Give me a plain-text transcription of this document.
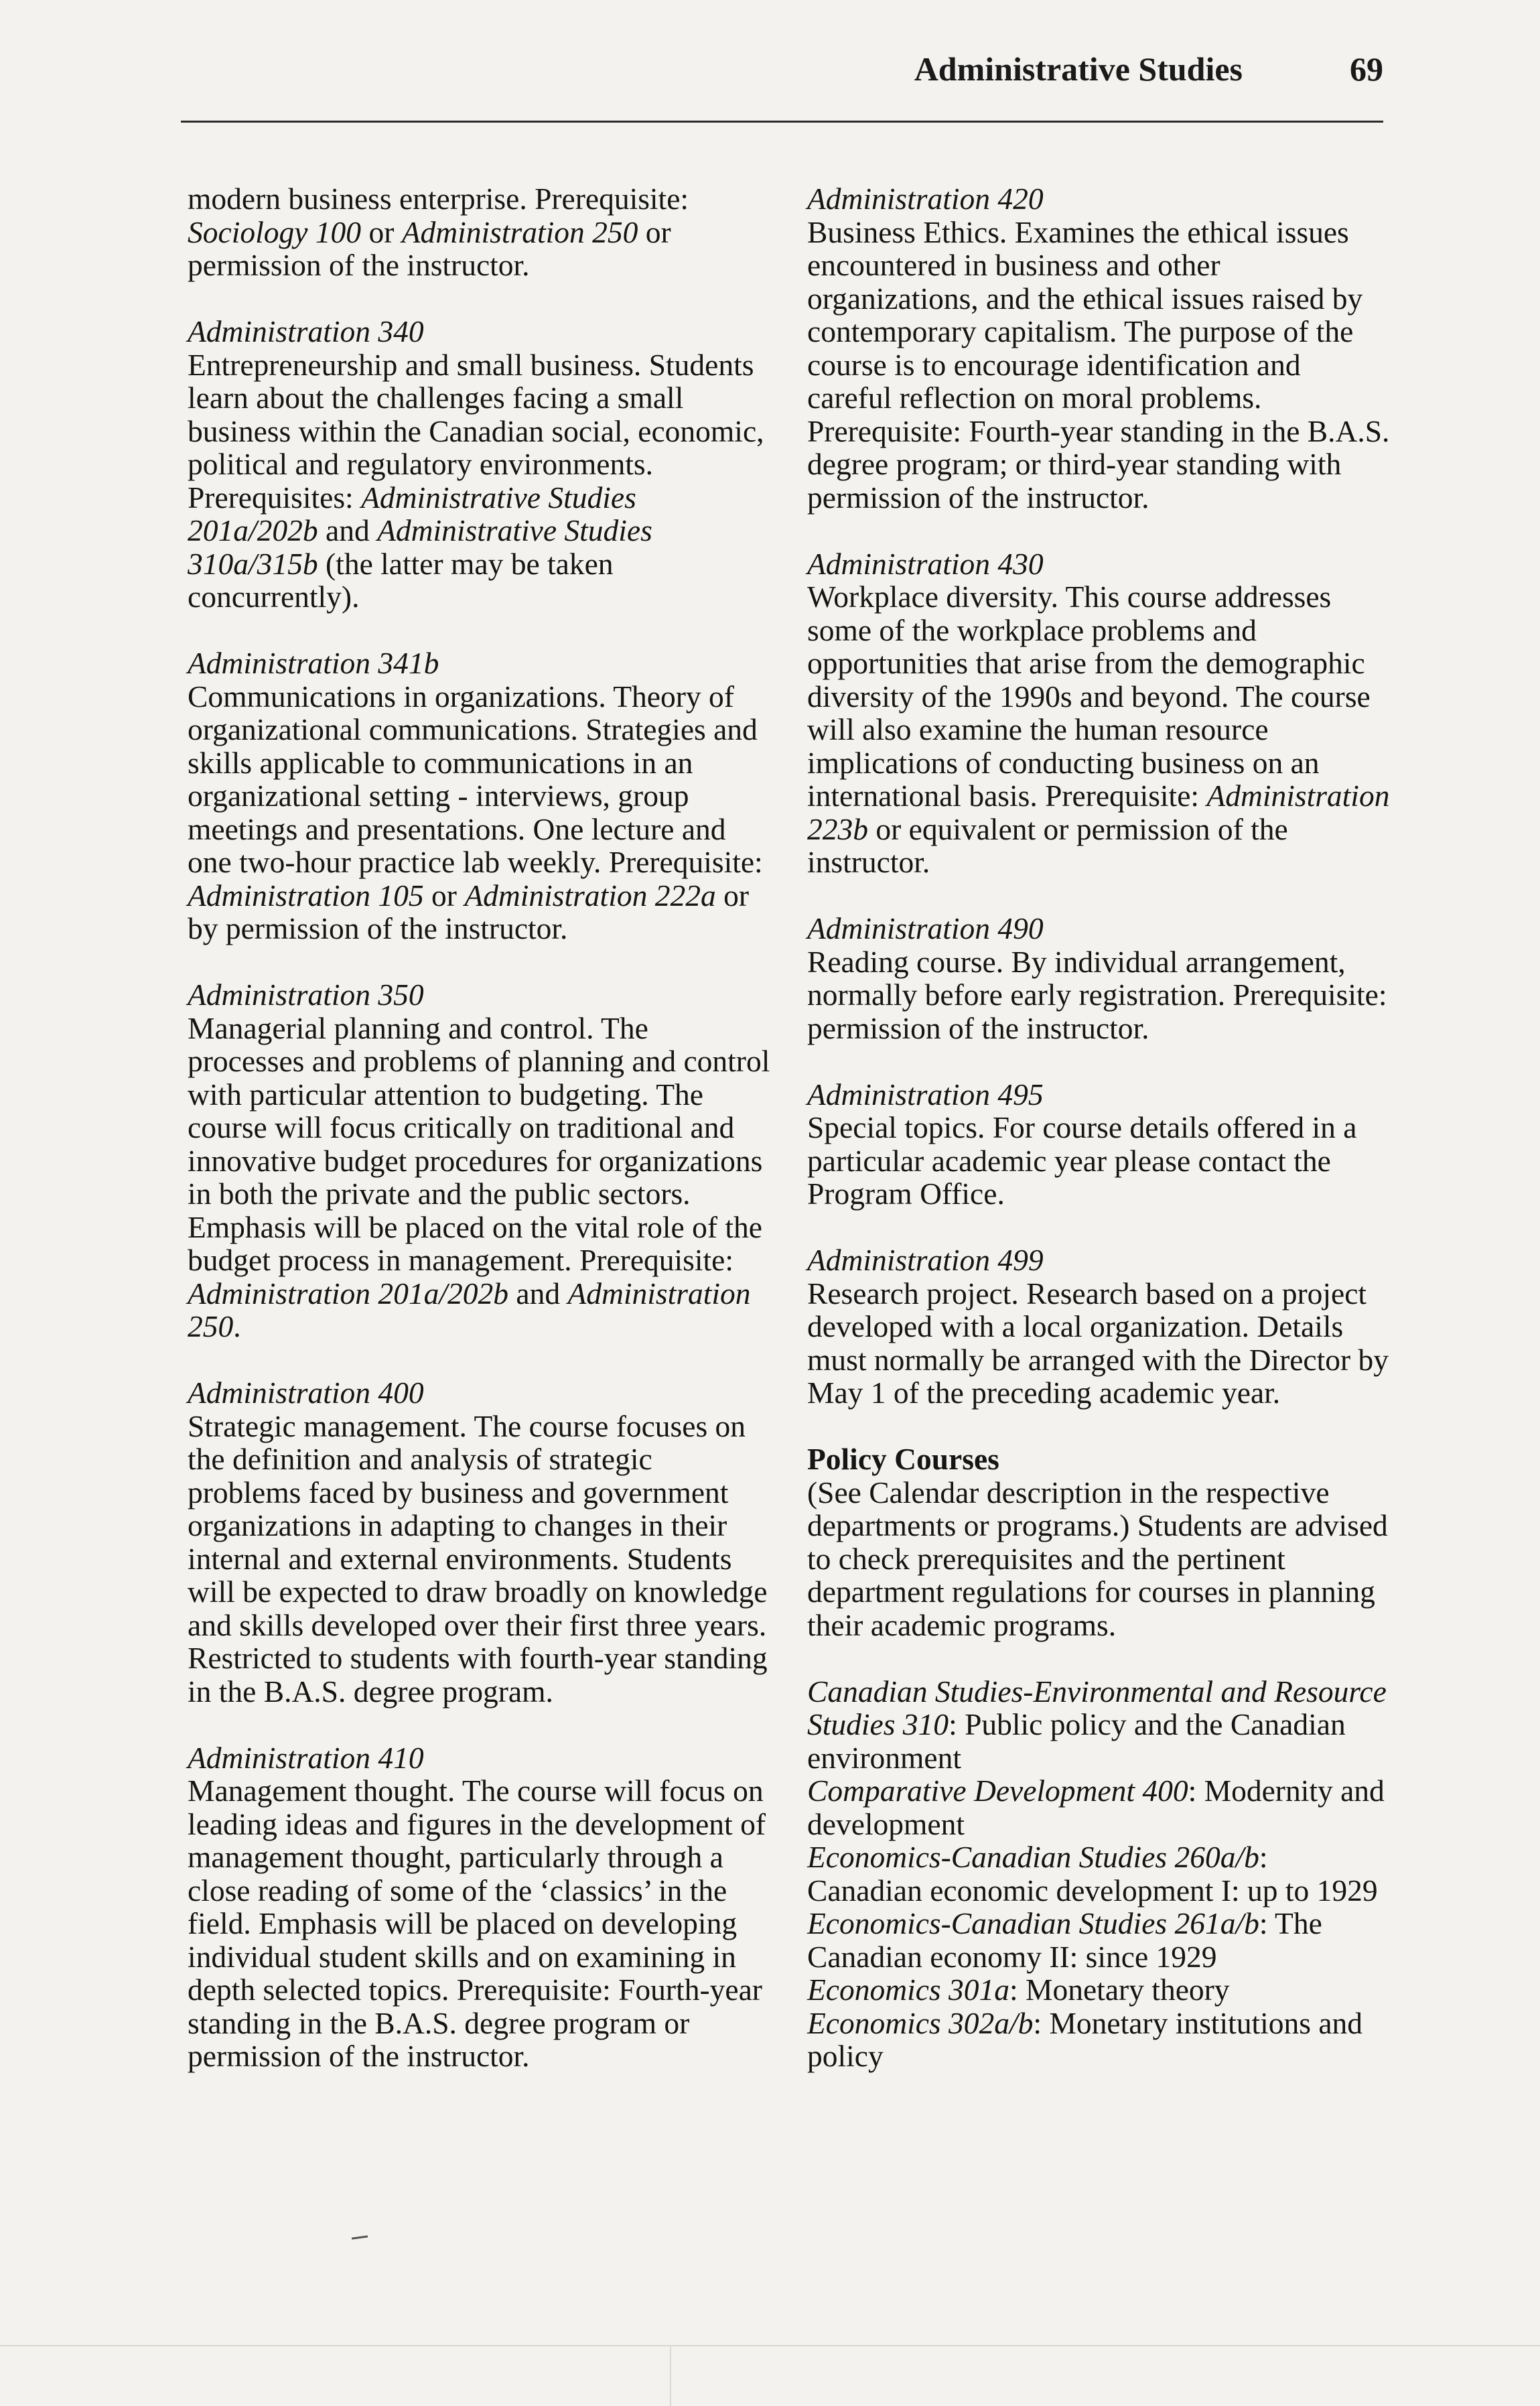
Administrative Studies	69

modern business enterprise. Prerequisite: Sociology 100 or Administration 250 or permission of the instructor.

Administration 340
Entrepreneurship and small business. Students learn about the challenges facing a small business within the Canadian social, economic, political and regulatory environments. Prerequisites: Administrative Studies 201a/202b and Administrative Studies 310a/315b (the latter may be taken concurrently).

Administration 341b
Communications in organizations. Theory of organizational communications. Strategies and skills applicable to communications in an organizational setting - interviews, group meetings and presentations. One lecture and one two-hour practice lab weekly. Prerequisite: Administration 105 or Administration 222a or by permission of the instructor.

Administration 350
Managerial planning and control. The processes and problems of planning and control with particular attention to budgeting. The course will focus critically on traditional and innovative budget procedures for organizations in both the private and the public sectors. Emphasis will be placed on the vital role of the budget process in management. Prerequisite: Administration 201a/202b and Administration 250.

Administration 400
Strategic management. The course focuses on the definition and analysis of strategic problems faced by business and government organizations in adapting to changes in their internal and external environments. Students will be expected to draw broadly on knowledge and skills developed over their first three years. Restricted to students with fourth-year standing in the B.A.S. degree program.

Administration 410
Management thought. The course will focus on leading ideas and figures in the development of management thought, particularly through a close reading of some of the ‘classics’ in the field. Emphasis will be placed on developing individual student skills and on examining in depth selected topics. Prerequisite: Fourth-year standing in the B.A.S. degree program or permission of the instructor.

Administration 420
Business Ethics. Examines the ethical issues encountered in business and other organizations, and the ethical issues raised by contemporary capitalism. The purpose of the course is to encourage identification and careful reflection on moral problems. Prerequisite: Fourth-year standing in the B.A.S. degree program; or third-year standing with permission of the instructor.

Administration 430
Workplace diversity. This course addresses some of the workplace problems and opportunities that arise from the demographic diversity of the 1990s and beyond. The course will also examine the human resource implications of conducting business on an international basis. Prerequisite: Administration 223b or equivalent or permission of the instructor.

Administration 490
Reading course. By individual arrangement, normally before early registration. Prerequisite: permission of the instructor.

Administration 495
Special topics. For course details offered in a particular academic year please contact the Program Office.

Administration 499
Research project. Research based on a project developed with a local organization. Details must normally be arranged with the Director by May 1 of the preceding academic year.

Policy Courses
(See Calendar description in the respective departments or programs.) Students are advised to check prerequisites and the pertinent department regulations for courses in planning their academic programs.

Canadian Studies-Environmental and Resource Studies 310: Public policy and the Canadian environment

Comparative Development 400: Modernity and development

Economics-Canadian Studies 260a/b: Canadian economic development I: up to 1929

Economics-Canadian Studies 261a/b: The Canadian economy II: since 1929

Economics 301a: Monetary theory

Economics 302a/b: Monetary institutions and policy
